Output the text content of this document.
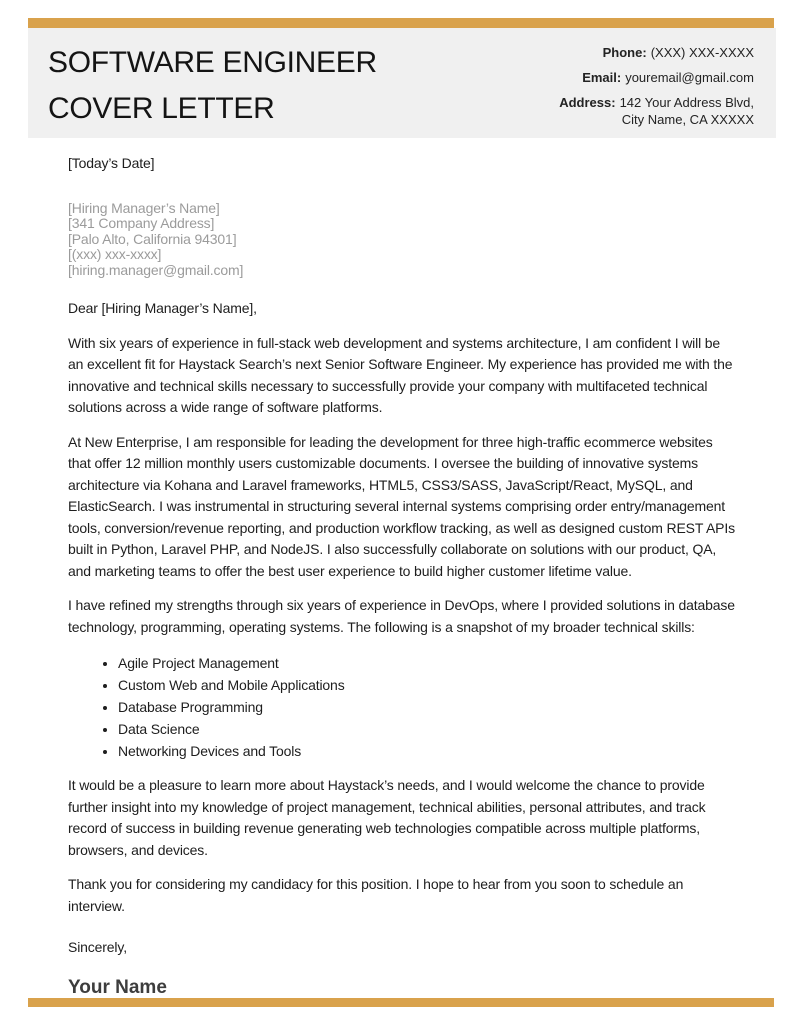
SOFTWARE ENGINEER
COVER LETTER
Phone: (XXX) XXX-XXXX
Email: youremail@gmail.com
Address: 142 Your Address Blvd,
City Name, CA XXXXX
[Today’s Date]
[Hiring Manager’s Name]
[341 Company Address]
[Palo Alto, California 94301]
[(xxx) xxx-xxxx]
[hiring.manager@gmail.com]
Dear [Hiring Manager’s Name],

With six years of experience in full-stack web development and systems architecture, I am confident I will be an excellent fit for Haystack Search’s next Senior Software Engineer. My experience has provided me with the innovative and technical skills necessary to successfully provide your company with multifaceted technical solutions across a wide range of software platforms.

At New Enterprise, I am responsible for leading the development for three high-traffic ecommerce websites that offer 12 million monthly users customizable documents. I oversee the building of innovative systems architecture via Kohana and Laravel frameworks, HTML5, CSS3/SASS, JavaScript/React, MySQL, and ElasticSearch. I was instrumental in structuring several internal systems comprising order entry/management tools, conversion/revenue reporting, and production workflow tracking, as well as designed custom REST APIs built in Python, Laravel PHP, and NodeJS. I also successfully collaborate on solutions with our product, QA, and marketing teams to offer the best user experience to build higher customer lifetime value.

I have refined my strengths through six years of experience in DevOps, where I provided solutions in database technology, programming, operating systems. The following is a snapshot of my broader technical skills:

• Agile Project Management
• Custom Web and Mobile Applications
• Database Programming
• Data Science
• Networking Devices and Tools

It would be a pleasure to learn more about Haystack’s needs, and I would welcome the chance to provide further insight into my knowledge of project management, technical abilities, personal attributes, and track record of success in building revenue generating web technologies compatible across multiple platforms, browsers, and devices.

Thank you for considering my candidacy for this position. I hope to hear from you soon to schedule an interview.

Sincerely,
Your Name
